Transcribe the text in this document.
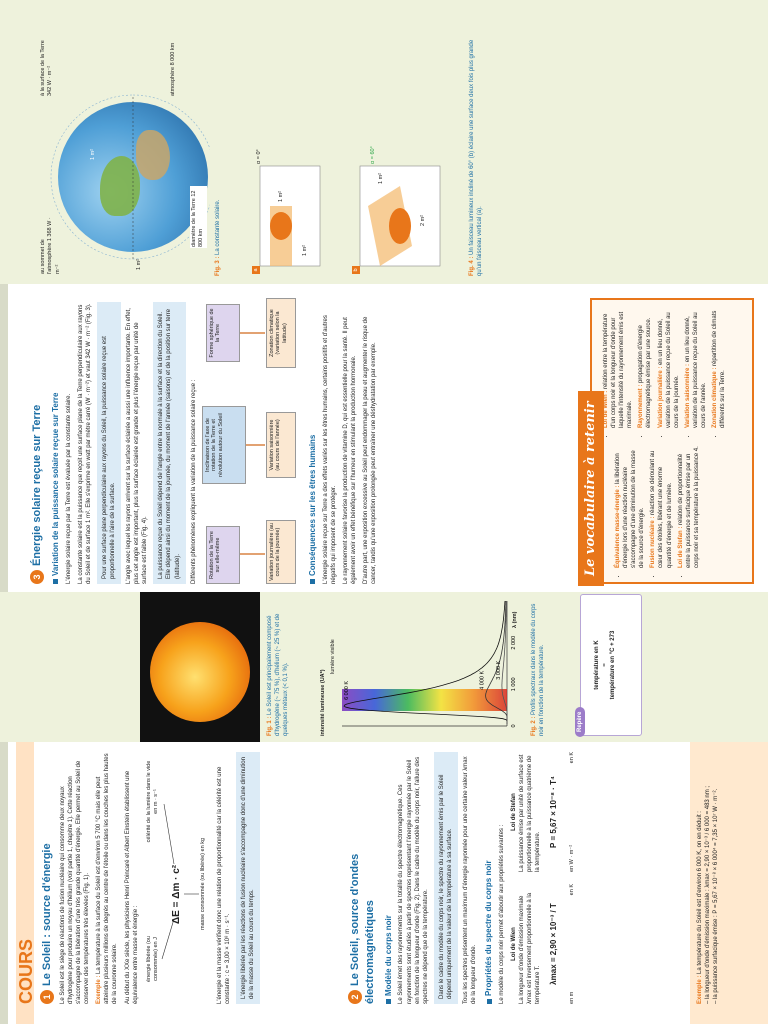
COURS 1Le Soleil : source d'énergie	Le Soleil est le siège de réactions de fusion nucléaire qui consomme deux noyaux d'hydrogène pour produire un noyau d'hélium (voir partie 1, chapitre 1). Cette réaction s'accompagne de la libération d'une très grande quantité d'énergie. Elle permet au Soleil de conserver des températures très élevées (Fig. 1). Exemple : La température à la surface du Soleil est d'environ 5 700 °C mais elle peut atteindre plusieurs millions de degrés au centre de l'étoile ou dans les couches les plus hautes de la couronne solaire. Au début du XXe siècle, les physiciens Henri Poincaré et Albert Einstein établissent une équivalence entre masse et énergie : énergie libérée (ou consommée) en J
ΔE = Δm · c²
célérité de la lumière dans le vide en m · s⁻¹
masse consommée (ou libérée) en kg L'énergie et la masse vérifient donc une relation de proportionnalité car la célérité est une constante : c = 3,00 × 10⁸ m · s⁻¹.	L'énergie libérée par les réactions de fusion nucléaire s'accompagne donc d'une diminution de la masse du Soleil au cours du temps.	2Le Soleil, source d'ondes électromagnétiques Modèle du corps noir Le Soleil émet des rayonnements sur la totalité du spectre électromagnétique. Ces rayonnements sont étudiés à partir de spectres représentant l'énergie rayonnée par le Soleil en fonction de la longueur d'onde (Fig. 2). Dans le cadre du modèle du corps noir, l'allure des spectres ne dépend que de la température.	Dans le cadre du modèle du corps noir, le spectre du rayonnement émis par le Soleil dépend uniquement de la valeur de la température à sa surface.	Tous les spectres présentent un maximum d'énergie rayonnée pour une certaine valeur λmax de la longueur d'onde. Propriétés du spectre du corps noir Le modèle du corps noir permet d'aboutir aux propriétés suivantes : Loi de Wien La longueur d'onde d'émission maximale λmax est inversement proportionnelle à la température T. λmax = 2,90 × 10⁻³ / T
en m
en K
Loi de Stefan La puissance émise par unité de surface est proportionnelle à la puissance quatrième de la température.

P = 5,67 × 10⁻⁸ · T⁴
en W · m⁻²
en K
Exemple : La température du Soleil est d'environ 6 000 K, on en déduit : – la longueur d'onde d'émission maximale : λmax = 2,90 × 10⁻³ / 6 000 = 483 nm ; – la puissance surfacique émise : P = 5,67 × 10⁻⁸ × 6 000⁴ = 7,35 × 10⁷ W · m⁻².
Fig. 1 : Le Soleil est principalement composé d'hydrogène (~ 75 %), d'hélium (~ 25 %) et de quelques métaux (< 0,1 %).	intensité lumineuse (UA*)	6 000 K
4 000 K
3 000 K
0
1 000
2 000
lumière visible
λ (nm)
Fig. 2 : Profils spectraux dans le modèle du corps noir en fonction de la température.	Repère
température en K = température en °C + 273
3Énergie solaire reçue sur Terre Variation de la puissance solaire reçue sur Terre L'énergie solaire reçue par la Terre est évaluée par la constante solaire. La constante solaire est la puissance que reçoit une surface plane de la Terre perpendiculaire aux rayons du Soleil et de surface 1 m². Elle s'exprime en watt par mètre carré (W · m⁻²) et vaut 342 W · m⁻² (Fig. 3).	Pour une surface plane perpendiculaire aux rayons du Soleil, la puissance solaire reçue est proportionnelle à l'aire de la surface.	L'angle avec lequel les rayons arrivent sur la surface éclairée a aussi une influence importante. En effet, plus cet angle est important, plus la surface éclairée est grande et plus l'énergie reçue par unité de surface est faible (Fig. 4).	La puissance reçue du Soleil dépend de l'angle entre la normale à la surface et la direction du Soleil. Elle dépend ainsi du moment de la journée, du moment de l'année (saisons) et de la position sur terre (latitude).	Différents phénomènes expliquent la variation de la puissance solaire reçue :	Rotation de la Terre sur elle-même
Inclinaison de l'axe de rotation de la Terre et révolution autour du Soleil
Forme sphérique de la Terre
Variation journalière (au cours de la journée)
Variation saisonnière (au cours de l'année)
Zonation climatique (variation selon la latitude)
Conséquences sur les êtres humains L'énergie solaire reçue sur Terre a des effets variés sur les êtres humains, certains positifs et d'autres négatifs qui imposent de se protéger. Le rayonnement solaire favorise la production de vitamine D, qui est essentielle pour la santé. Il peut également avoir un effet bénéfique sur l'humeur en stimulant la production hormonale. D'autre part, une exposition excessive au Soleil peut endommager la peau et augmenter le risque de cancer, tandis qu'une exposition prolongée peut entraîner une déshydratation par exemple.	Le vocabulaire à retenir	• Équivalence masse-énergie : la libération d'énergie lors d'une réaction nucléaire s'accompagne d'une diminution de la masse de la source d'énergie. • Fusion nucléaire : réaction se déroulant au cœur des étoiles, libérant une énorme quantité d'énergie et de lumière. • Loi de Stefan : relation de proportionnalité entre la puissance surfacique émise par un corps noir et sa température à la puissance 4.
• Loi de Wien : relation entre la température d'un corps noir et la longueur d'onde pour laquelle l'intensité du rayonnement émis est maximale. • Rayonnement : propagation d'énergie électromagnétique émise par une source. • Variation journalière : en un lieu donné, variation de la puissance reçue du Soleil au cours de la journée. • Variation saisonnière : en un lieu donné, variation de la puissance reçue du Soleil au cours de l'année. • Zonation climatique : répartition de climats différents sur la Terre.
au sommet de l'atmosphère 1 368 W · m⁻²
à la surface de la Terre 342 W · m⁻²	atmosphère 8 000 km
diamètre de la Terre 12 800 km
1 m²
1 m²
Fig. 3 : La constante solaire.
α = 0°	α = 60°
1 m²
1 m²
1 m²
2 m²
a	b	Fig. 4 : Un faisceau lumineux incliné de 60° (b) éclaire une surface deux fois plus grande qu'un faisceau vertical (a).
